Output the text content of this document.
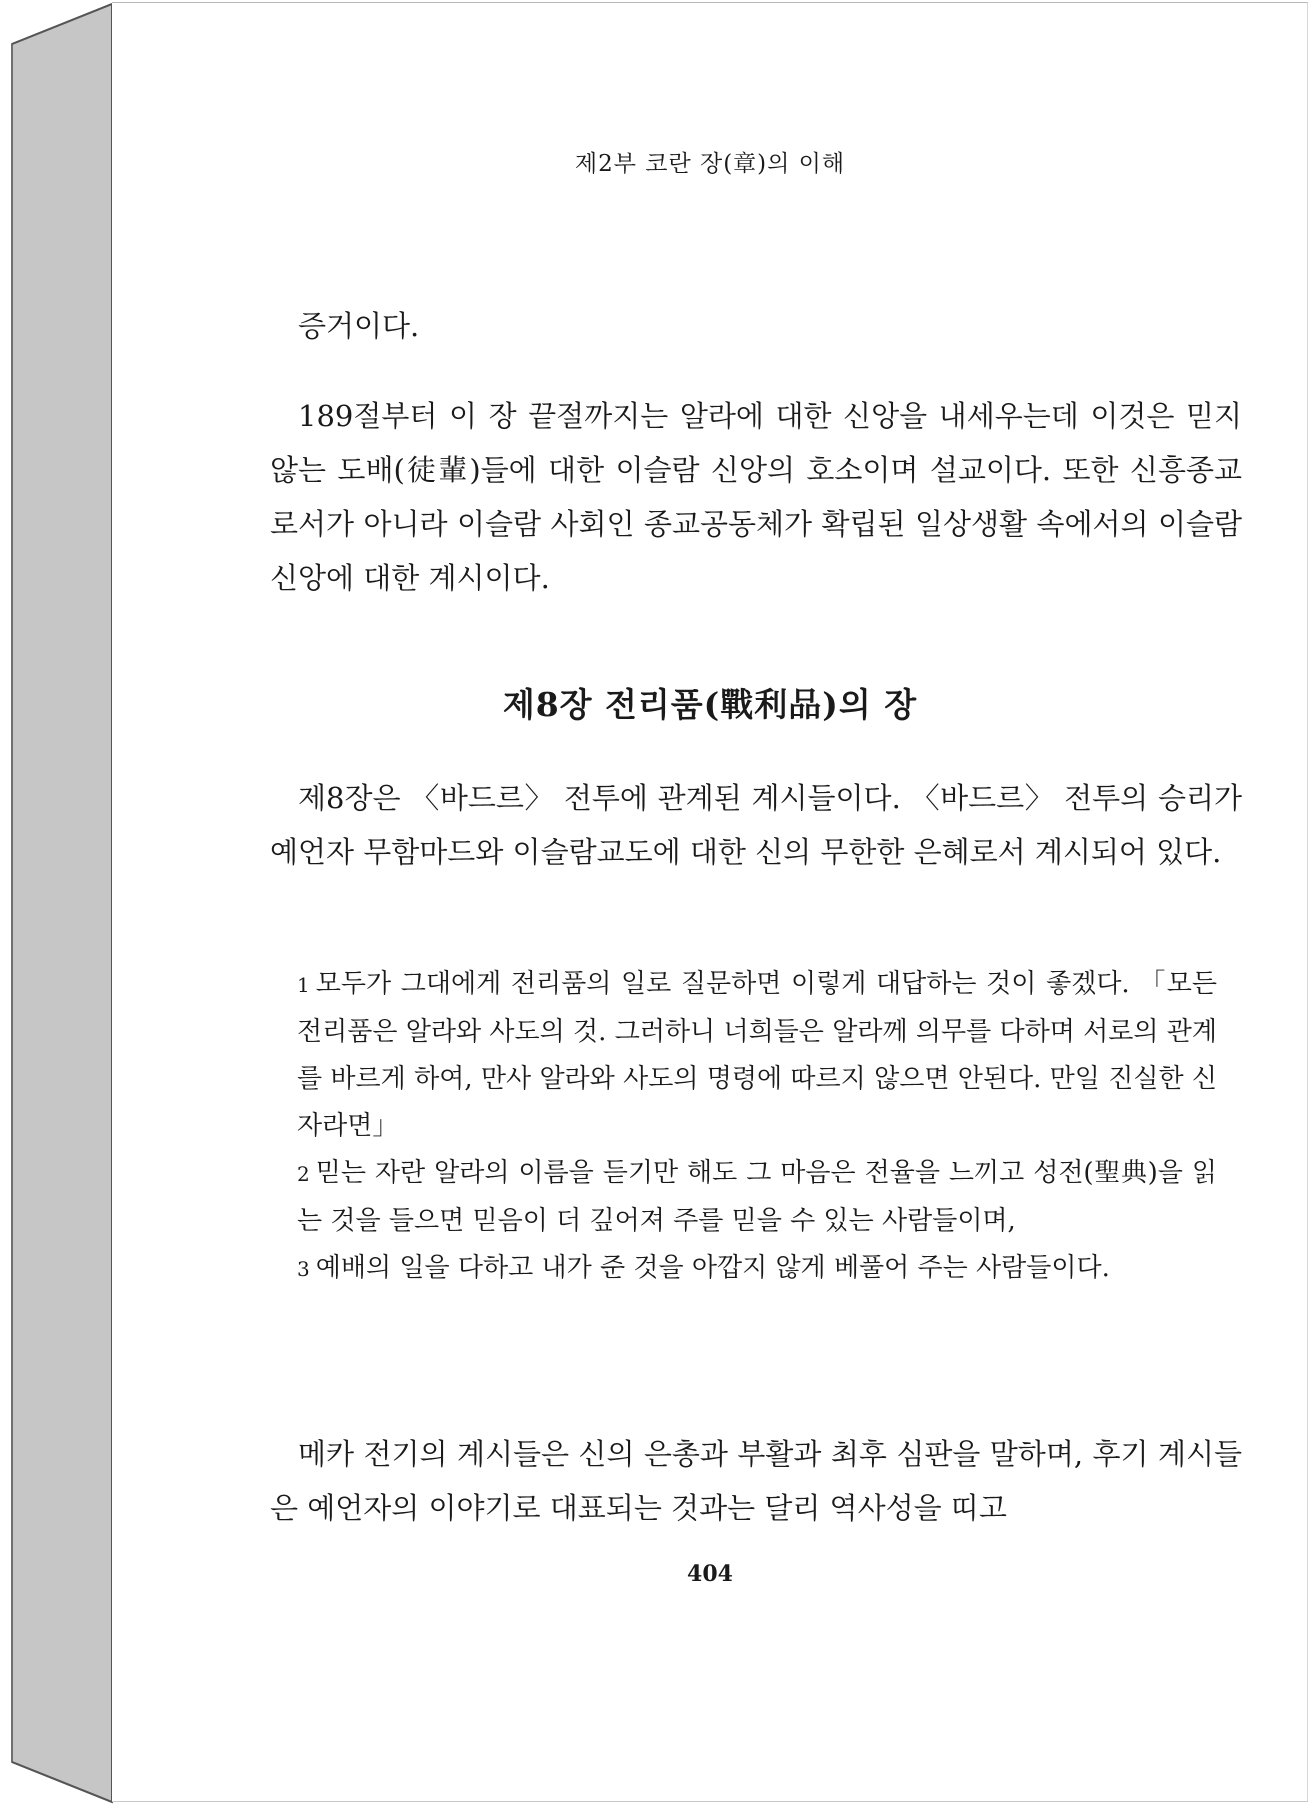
제2부 코란 장(章)의 이해

증거이다.

189절부터 이 장 끝절까지는 알라에 대한 신앙을 내세우는데 이것은 믿지 않는 도배(徒輩)들에 대한 이슬람 신앙의 호소이며 설교이다. 또한 신흥종교로서가 아니라 이슬람 사회인 종교공동체가 확립된 일상생활 속에서의 이슬람 신앙에 대한 계시이다.

제8장 전리품(戰利品)의 장

제8장은 〈바드르〉 전투에 관계된 계시들이다. 〈바드르〉 전투의 승리가 예언자 무함마드와 이슬람교도에 대한 신의 무한한 은혜로서 계시되어 있다.

1 모두가 그대에게 전리품의 일로 질문하면 이렇게 대답하는 것이 좋겠다. 「모든 전리품은 알라와 사도의 것. 그러하니 너희들은 알라께 의무를 다하며 서로의 관계를 바르게 하여, 만사 알라와 사도의 명령에 따르지 않으면 안된다. 만일 진실한 신자라면」

2 믿는 자란 알라의 이름을 듣기만 해도 그 마음은 전율을 느끼고 성전(聖典)을 읽는 것을 들으면 믿음이 더 깊어져 주를 믿을 수 있는 사람들이며,

3 예배의 일을 다하고 내가 준 것을 아깝지 않게 베풀어 주는 사람들이다.

메카 전기의 계시들은 신의 은총과 부활과 최후 심판을 말하며, 후기 계시들은 예언자의 이야기로 대표되는 것과는 달리 역사성을 띠고

404
